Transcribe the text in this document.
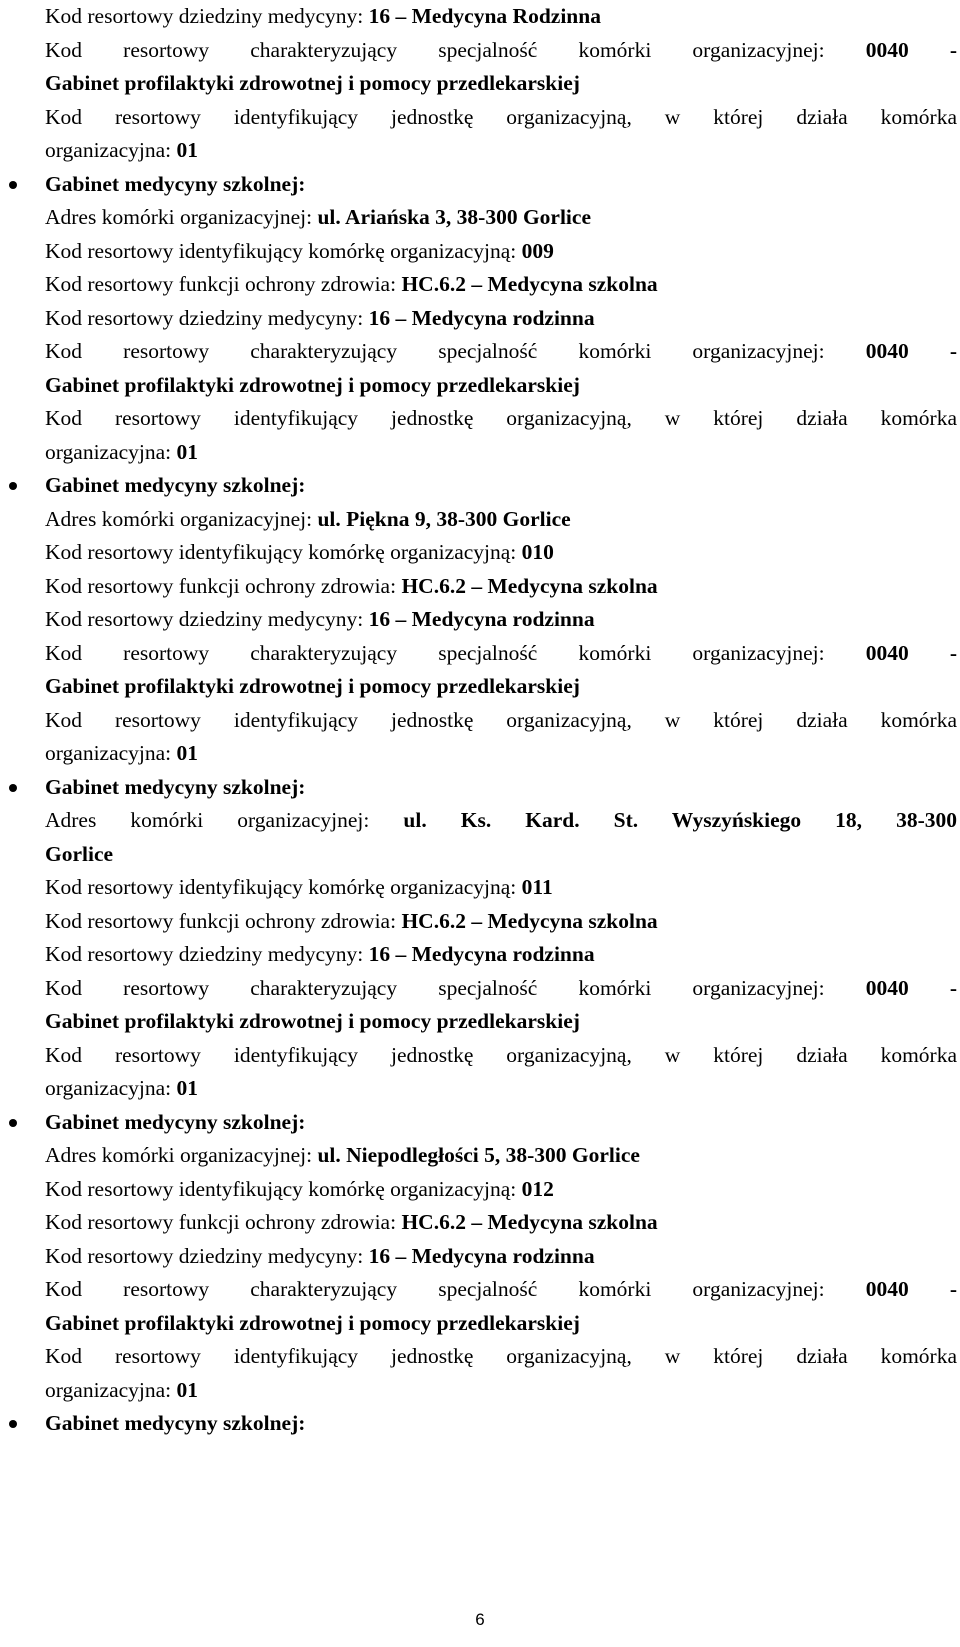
Kod resortowy dziedziny medycyny: 16 – Medycyna Rodzinna
Kod resortowy charakteryzujący specjalność komórki organizacyjnej: 0040 -
Gabinet profilaktyki zdrowotnej i pomocy przedlekarskiej
Kod resortowy identyfikujący jednostkę organizacyjną, w której działa komórka
organizacyjna: 01
Gabinet medycyny szkolnej:
Adres komórki organizacyjnej: ul. Ariańska 3, 38-300 Gorlice
Kod resortowy identyfikujący komórkę organizacyjną: 009
Kod resortowy funkcji ochrony zdrowia: HC.6.2 – Medycyna szkolna
Kod resortowy dziedziny medycyny: 16 – Medycyna rodzinna
Kod resortowy charakteryzujący specjalność komórki organizacyjnej: 0040 -
Gabinet profilaktyki zdrowotnej i pomocy przedlekarskiej
Kod resortowy identyfikujący jednostkę organizacyjną, w której działa komórka
organizacyjna: 01
Gabinet medycyny szkolnej:
Adres komórki organizacyjnej: ul. Piękna 9, 38-300 Gorlice
Kod resortowy identyfikujący komórkę organizacyjną: 010
Kod resortowy funkcji ochrony zdrowia: HC.6.2 – Medycyna szkolna
Kod resortowy dziedziny medycyny: 16 – Medycyna rodzinna
Kod resortowy charakteryzujący specjalność komórki organizacyjnej: 0040 -
Gabinet profilaktyki zdrowotnej i pomocy przedlekarskiej
Kod resortowy identyfikujący jednostkę organizacyjną, w której działa komórka
organizacyjna: 01
Gabinet medycyny szkolnej:
Adres komórki organizacyjnej: ul. Ks. Kard. St. Wyszyńskiego 18, 38-300
Gorlice
Kod resortowy identyfikujący komórkę organizacyjną: 011
Kod resortowy funkcji ochrony zdrowia: HC.6.2 – Medycyna szkolna
Kod resortowy dziedziny medycyny: 16 – Medycyna rodzinna
Kod resortowy charakteryzujący specjalność komórki organizacyjnej: 0040 -
Gabinet profilaktyki zdrowotnej i pomocy przedlekarskiej
Kod resortowy identyfikujący jednostkę organizacyjną, w której działa komórka
organizacyjna: 01
Gabinet medycyny szkolnej:
Adres komórki organizacyjnej: ul. Niepodległości 5, 38-300 Gorlice
Kod resortowy identyfikujący komórkę organizacyjną: 012
Kod resortowy funkcji ochrony zdrowia: HC.6.2 – Medycyna szkolna
Kod resortowy dziedziny medycyny: 16 – Medycyna rodzinna
Kod resortowy charakteryzujący specjalność komórki organizacyjnej: 0040 -
Gabinet profilaktyki zdrowotnej i pomocy przedlekarskiej
Kod resortowy identyfikujący jednostkę organizacyjną, w której działa komórka
organizacyjna: 01
Gabinet medycyny szkolnej:
6
